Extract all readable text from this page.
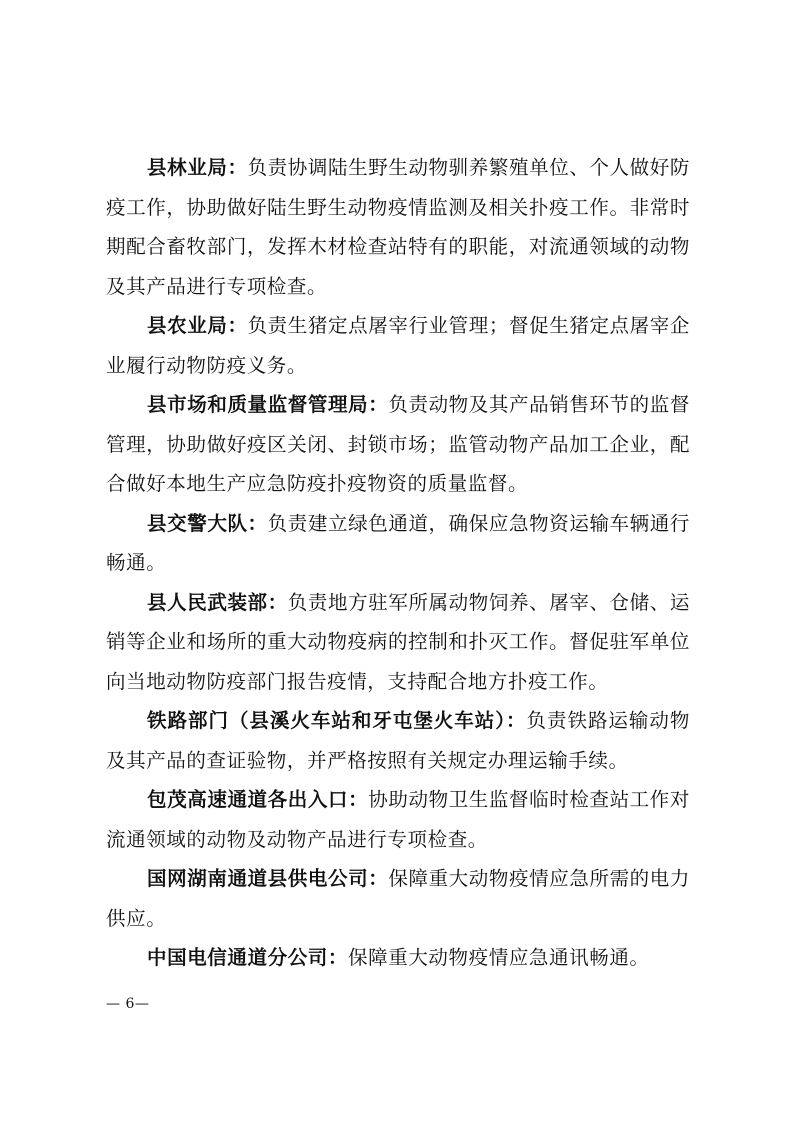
县林业局：负责协调陆生野生动物驯养繁殖单位、个人做好防疫工作，协助做好陆生野生动物疫情监测及相关扑疫工作。非常时期配合畜牧部门，发挥木材检查站特有的职能，对流通领域的动物及其产品进行专项检查。

县农业局：负责生猪定点屠宰行业管理；督促生猪定点屠宰企业履行动物防疫义务。

县市场和质量监督管理局：负责动物及其产品销售环节的监督管理，协助做好疫区关闭、封锁市场；监管动物产品加工企业，配合做好本地生产应急防疫扑疫物资的质量监督。

县交警大队：负责建立绿色通道，确保应急物资运输车辆通行畅通。

县人民武装部：负责地方驻军所属动物饲养、屠宰、仓储、运销等企业和场所的重大动物疫病的控制和扑灭工作。督促驻军单位向当地动物防疫部门报告疫情，支持配合地方扑疫工作。

铁路部门（县溪火车站和牙屯堡火车站）：负责铁路运输动物及其产品的查证验物，并严格按照有关规定办理运输手续。

包茂高速通道各出入口：协助动物卫生监督临时检查站工作对流通领域的动物及动物产品进行专项检查。

国网湖南通道县供电公司：保障重大动物疫情应急所需的电力供应。

中国电信通道分公司：保障重大动物疫情应急通讯畅通。

— 6—
